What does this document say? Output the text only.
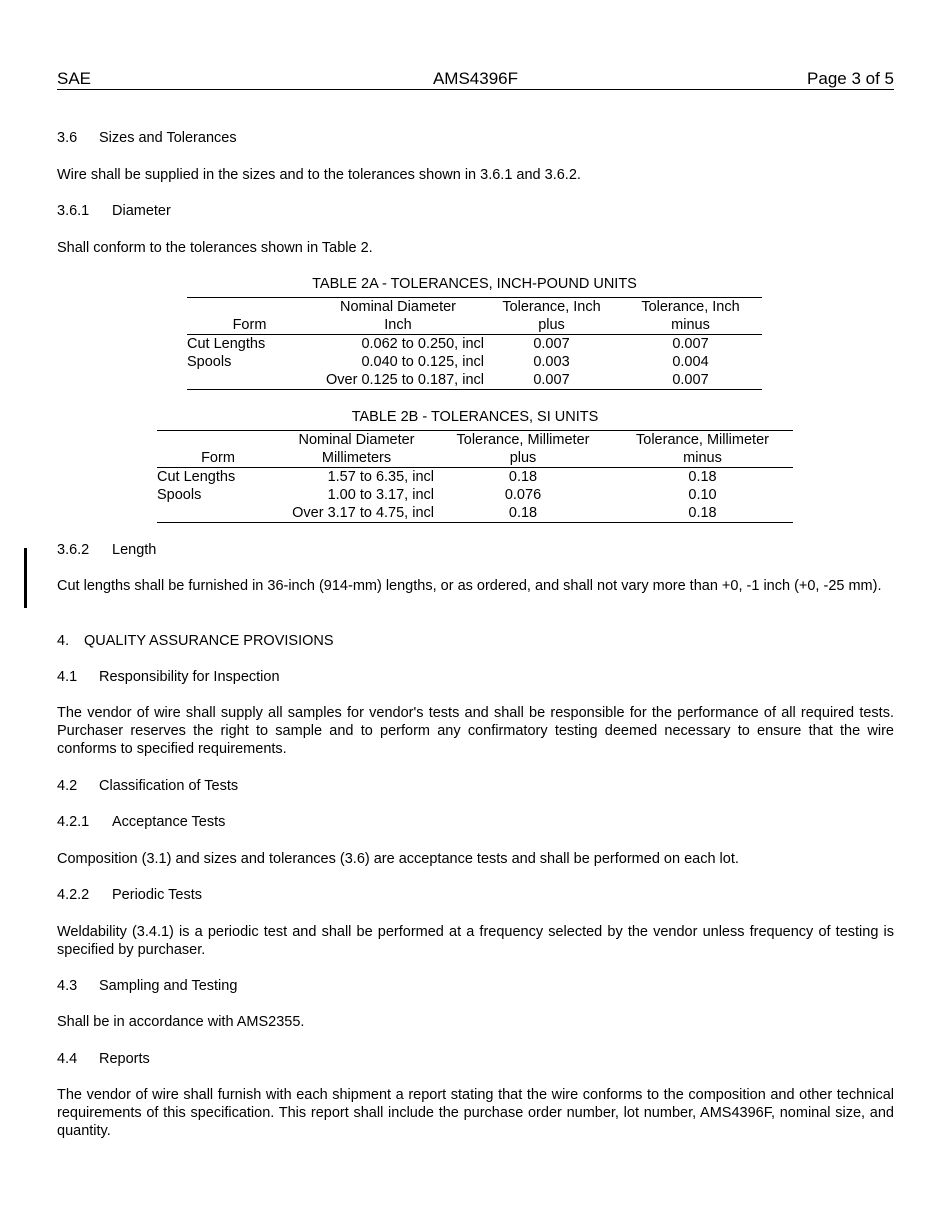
SAE	AMS4396F	Page 3 of 5
3.6 Sizes and Tolerances
Wire shall be supplied in the sizes and to the tolerances shown in 3.6.1 and 3.6.2.
3.6.1 Diameter
Shall conform to the tolerances shown in Table 2.
TABLE 2A - TOLERANCES, INCH-POUND UNITS
	Nominal Diameter	Tolerance, Inch	Tolerance, Inch
Form	Inch	plus	minus
Cut Lengths	0.062 to 0.250, incl	0.007	0.007
Spools	0.040 to 0.125, incl	0.003	0.004
	Over 0.125 to 0.187, incl	0.007	0.007
TABLE 2B - TOLERANCES, SI UNITS
	Nominal Diameter	Tolerance, Millimeter	Tolerance, Millimeter
Form	Millimeters	plus	minus
Cut Lengths	1.57 to 6.35, incl	0.18	0.18
Spools	1.00 to 3.17, incl	0.076	0.10
	Over 3.17 to 4.75, incl	0.18	0.18
3.6.2 Length
Cut lengths shall be furnished in 36-inch (914-mm) lengths, or as ordered, and shall not vary more than +0, -1 inch (+0, -25 mm).
4. QUALITY ASSURANCE PROVISIONS
4.1 Responsibility for Inspection
The vendor of wire shall supply all samples for vendor's tests and shall be responsible for the performance of all required tests. Purchaser reserves the right to sample and to perform any confirmatory testing deemed necessary to ensure that the wire conforms to specified requirements.
4.2 Classification of Tests
4.2.1 Acceptance Tests
Composition (3.1) and sizes and tolerances (3.6) are acceptance tests and shall be performed on each lot.
4.2.2 Periodic Tests
Weldability (3.4.1) is a periodic test and shall be performed at a frequency selected by the vendor unless frequency of testing is specified by purchaser.
4.3 Sampling and Testing
Shall be in accordance with AMS2355.
4.4 Reports
The vendor of wire shall furnish with each shipment a report stating that the wire conforms to the composition and other technical requirements of this specification. This report shall include the purchase order number, lot number, AMS4396F, nominal size, and quantity.
